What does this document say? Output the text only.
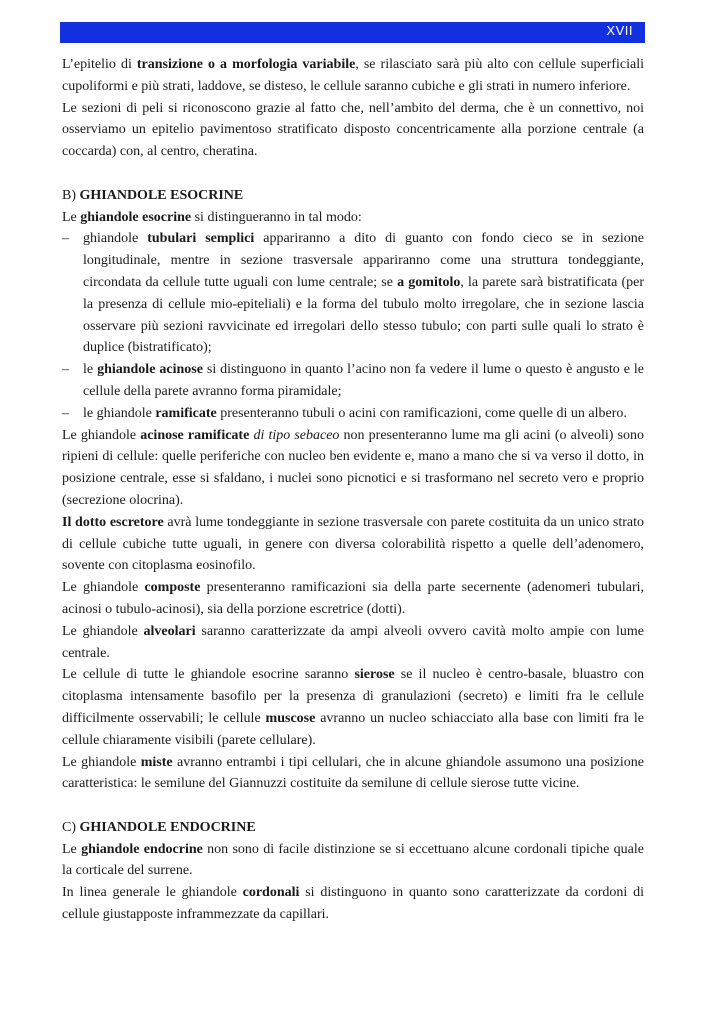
XVII

L’epitelio di transizione o a morfologia variabile, se rilasciato sarà più alto con cellule superficiali cupoliformi e più strati, laddove, se disteso, le cellule saranno cubiche e gli strati in numero inferiore.

Le sezioni di peli si riconoscono grazie al fatto che, nell’ambito del derma, che è un connettivo, noi osserviamo un epitelio pavimentoso stratificato disposto concentricamente alla porzione centrale (a coccarda) con, al centro, cheratina.

B) GHIANDOLE ESOCRINE

Le ghiandole esocrine si distingueranno in tal modo:

– ghiandole tubulari semplici appariranno a dito di guanto con fondo cieco se in sezione longitudinale, mentre in sezione trasversale appariranno come una struttura tondeggiante, circondata da cellule tutte uguali con lume centrale; se a gomitolo, la parete sarà bistratificata (per la presenza di cellule mio-epiteliali) e la forma del tubulo molto irregolare, che in sezione lascia osservare più sezioni ravvicinate ed irregolari dello stesso tubulo; con parti sulle quali lo strato è duplice (bistratificato);
– le ghiandole acinose si distinguono in quanto l’acino non fa vedere il lume o questo è angusto e le cellule della parete avranno forma piramidale;
– le ghiandole ramificate presenteranno tubuli o acini con ramificazioni, come quelle di un albero.

Le ghiandole acinose ramificate di tipo sebaceo non presenteranno lume ma gli acini (o alveoli) sono ripieni di cellule: quelle periferiche con nucleo ben evidente e, mano a mano che si va verso il dotto, in posizione centrale, esse si sfaldano, i nuclei sono picnotici e si trasformano nel secreto vero e proprio (secrezione olocrina).

Il dotto escretore avrà lume tondeggiante in sezione trasversale con parete costituita da un unico strato di cellule cubiche tutte uguali, in genere con diversa colorabilità rispetto a quelle dell’adenomero, sovente con citoplasma eosinofilo.

Le ghiandole composte presenteranno ramificazioni sia della parte secernente (adenomeri tubulari, acinosi o tubulo-acinosi), sia della porzione escretrice (dotti).

Le ghiandole alveolari saranno caratterizzate da ampi alveoli ovvero cavità molto ampie con lume centrale.

Le cellule di tutte le ghiandole esocrine saranno sierose se il nucleo è centro-basale, bluastro con citoplasma intensamente basofilo per la presenza di granulazioni (secreto) e limiti fra le cellule difficilmente osservabili; le cellule muscose avranno un nucleo schiacciato alla base con limiti fra le cellule chiaramente visibili (parete cellulare).

Le ghiandole miste avranno entrambi i tipi cellulari, che in alcune ghiandole assumono una posizione caratteristica: le semilune del Giannuzzi costituite da semilune di cellule sierose tutte vicine.

C) GHIANDOLE ENDOCRINE

Le ghiandole endocrine non sono di facile distinzione se si eccettuano alcune cordonali tipiche quale la corticale del surrene.

In linea generale le ghiandole cordonali si distinguono in quanto sono caratterizzate da cordoni di cellule giustapposte inframmezzate da capillari.
